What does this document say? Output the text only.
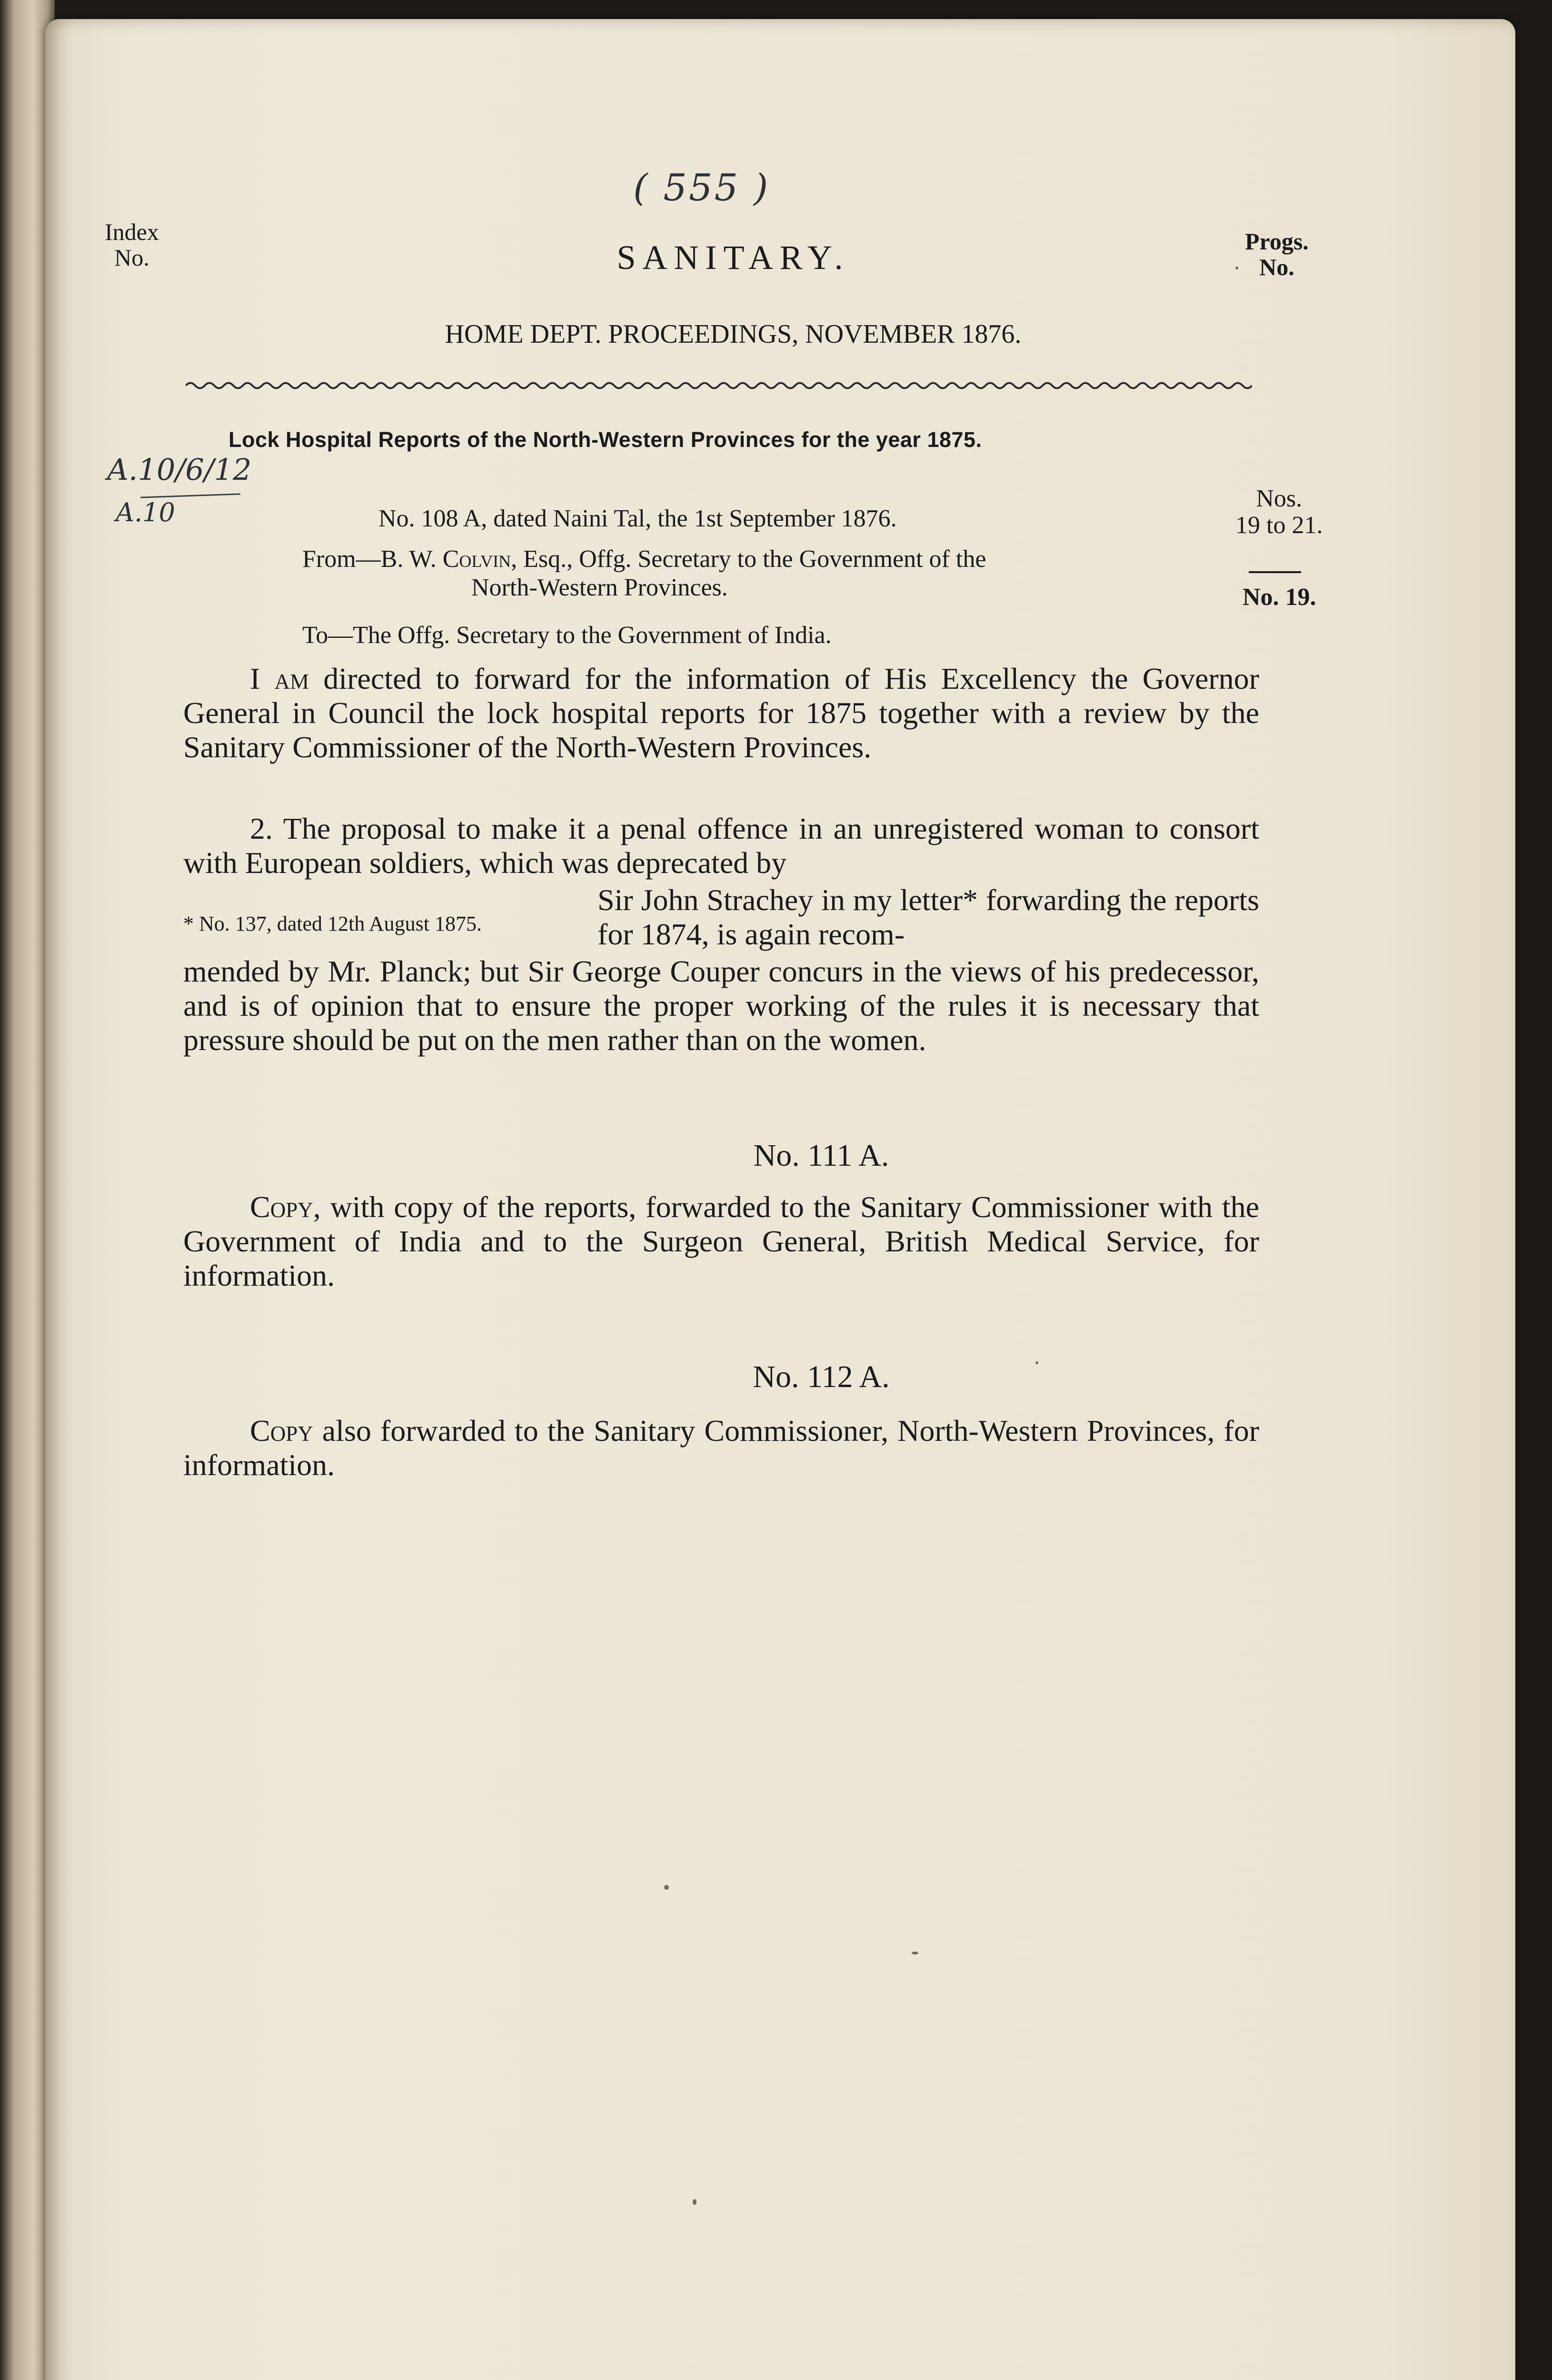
( 555 )
Index
No.	SANITARY.	Progs.
No.
HOME DEPT. PROCEEDINGS, NOVEMBER 1876.
Lock Hospital Reports of the North-Western Provinces for the year 1875.
A.10/6/12
A.10	No. 108 A, dated Naini Tal, the 1st September 1876.
Nos.
19 to 21.
From—B. W. Colvin, Esq., Offg. Secretary to the Government of the
North-Western Provinces.	No. 19.
To—The Offg. Secretary to the Government of India.
I am directed to forward for the information of His Excellency the Governor General in Council the lock hospital reports for 1875 together with a review by the Sanitary Commissioner of the North-Western Provinces.
2. The proposal to make it a penal offence in an unregistered woman to consort with European soldiers, which was deprecated by
* No. 137, dated 12th August 1875.
Sir John Strachey in my letter* forwarding the reports for 1874, is again recom-
mended by Mr. Planck; but Sir George Couper concurs in the views of his predecessor, and is of opinion that to ensure the proper working of the rules it is necessary that pressure should be put on the men rather than on the women.
No. 111 A.
Copy, with copy of the reports, forwarded to the Sanitary Commissioner with the Government of India and to the Surgeon General, British Medical Service, for information.
No. 112 A.
Copy also forwarded to the Sanitary Commissioner, North-Western Provinces, for information.
